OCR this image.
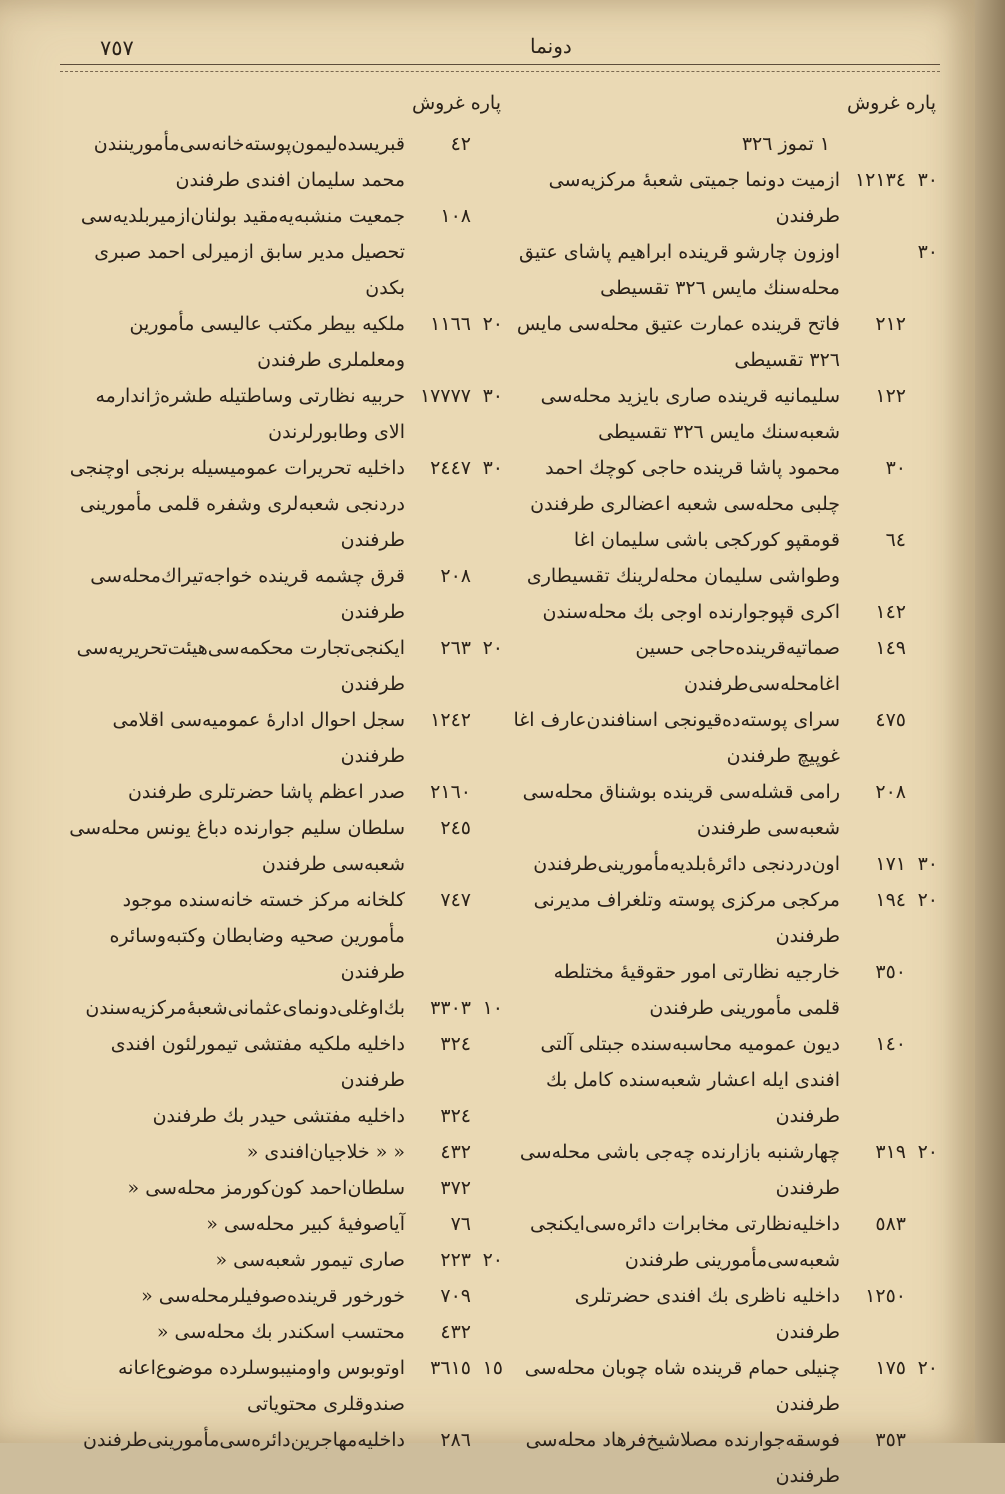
٧٥٧	دونما
پاره غروش
١ تموز ٣٢٦
٣٠
١٢١٣٤
ازميت دونما جميتى شعبهٔ مركزيه‌سى طرفندن
٣٠
اوزون چارشو قرينده ابراهيم پاشاى عتيق محله‌سنك مايس ٣٢٦ تقسيطى
٢١٢
فاتح قرينده عمارت عتيق محله‌سى مايس ٣٢٦ تقسيطى
١٢٢
سليمانيه قرينده صارى بايزيد محله‌سى شعبه‌سنك مايس ٣٢٦ تقسيطى
٣٠
محمود پاشا قرينده حاجى كوچك احمد چلبى محله‌سى شعبه اعضالرى طرفندن
٦٤
قومقپو كوركجى باشى سليمان اغا وطواشى سليمان محله‌لرينك تقسيطارى
١٤٢
اكرى قپوجوارنده اوجى بك محله‌سندن
١٤٩
صماتيه‌قرينده‌حاجى حسين اغامحله‌سى‌طرفندن
٤٧٥
سراى پوسته‌ده‌قيونجى اسنافندن‌عارف اغا غوپيچ طرفندن
٢٠٨
رامى قشله‌سى قرينده بوشناق محله‌سى شعبه‌سى طرفندن
٣٠
١٧١
اون‌دردنجى دائرهٔ‌بلديه‌مأمورينى‌طرفندن
٢٠
١٩٤
مركجى مركزى پوسته وتلغراف مديرنى طرفندن
٣٥٠
خارجيه نظارتى امور حقوقيهٔ مختلطه قلمى مأمورينى طرفندن
١٤٠
ديون عموميه محاسبه‌سنده جبتلى آلتى افندى ايله اعشار شعبه‌سنده كامل بك طرفندن
٢٠
٣١٩
چهارشنبه بازارنده چه‌جى باشى محله‌سى طرفندن
٥٨٣
داخليه‌نظارتى مخابرات دائره‌سى‌ايكنجى شعبه‌سى‌مأمورينى طرفندن
١٢٥٠
داخليه ناظرى بك افندى حضرتلرى طرفندن
٢٠
١٧٥
چنيلى حمام قرينده شاه چوبان محله‌سى طرفندن
٣٥٣
فوسقه‌جوارنده مصلاشيخ‌فرهاد محله‌سى طرفندن
پاره غروش
٤٢
قبريسده‌ليمون‌پوسته‌خانه‌سى‌مأمورينندن محمد سليمان افندى طرفندن
١٠٨
جمعيت منشبه‌يه‌مقيد بولنان‌ازميربلديه‌سى تحصيل مدير سابق ازميرلى احمد صبرى بكدن
٢٠
١١٦٦
ملكيه بيطر مكتب عاليسى مأمورين ومعلملرى طرفندن
٣٠
١٧٧٧٧
حربيه نظارتى وساطتيله طشره‌ژاندارمه الاى وطابورلرندن
٣٠
٢٤٤٧
داخليه تحريرات عموميسيله برنجى اوچنجى دردنجى شعبه‌لرى وشفره قلمى مأمورينى طرفندن
٢٠٨
قرق چشمه قرينده خواجه‌تيراك‌محله‌سى طرفندن
٢٠
٢٦٣
ايكنجى‌تجارت محكمه‌سى‌هيئت‌تحريريه‌سى طرفندن
١٢٤٢
سجل احوال ادارهٔ عموميه‌سى اقلامى طرفندن
٢١٦٠
صدر اعظم پاشا حضرتلرى طرفندن
٢٤٥
سلطان سليم جوارنده دباغ يونس محله‌سى شعبه‌سى طرفندن
٧٤٧
كلخانه مركز خسته خانه‌سنده موجود مأمورين صحيه وضابطان وكتبه‌وسائره طرفندن
١٠
٣٣٠٣
بك‌اوغلى‌دونماى‌عثمانى‌شعبهٔ‌مركزيه‌سندن
٣٢٤
داخليه ملكيه مفتشى تيمورلئون افندى طرفندن
٣٢٤
داخليه مفتشى حيدر بك طرفندن
٤٣٢
« « خلاجيان‌افندى «
٣٧٢
سلطان‌احمد كون‌كورمز محله‌سى «
٧٦
آياصوفيهٔ كبير محله‌سى «
٢٠
٢٢٣
صارى تيمور شعبه‌سى «
٧٠٩
خورخور قرينده‌صوفيلرمحله‌سى «
٤٣٢
محتسب اسكندر بك محله‌سى «
١٥
٣٦١٥
اوتوبوس واومنيبوسلرده موضوع‌اعانه صندوقلرى محتوياتى
٢٨٦
داخليه‌مهاجرين‌دائره‌سى‌مأمورينى‌طرفندن
